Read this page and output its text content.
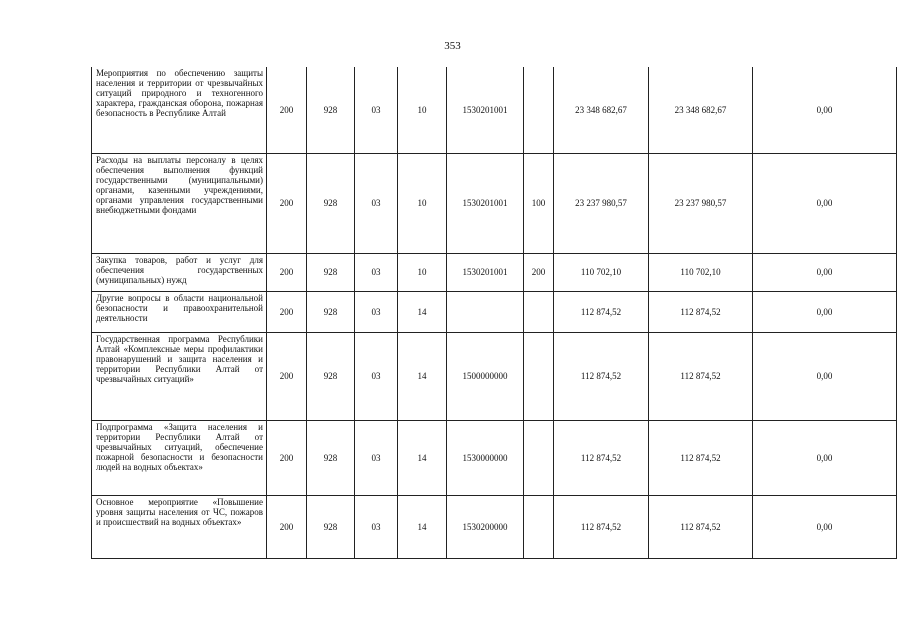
353
Мероприятия по обеспечению защиты населения и территории от чрезвычайных ситуаций природного и техногенного характера, гражданская оборона, пожарная безопасность в Республике Алтай	200	928	03	10	1530201001		23 348 682,67	23 348 682,67	0,00
Расходы на выплаты персоналу в целях обеспечения выполнения функций государственными (муниципальными) органами, казенными учреждениями, органами управления государственными внебюджетными фондами	200	928	03	10	1530201001	100	23 237 980,57	23 237 980,57	0,00
Закупка товаров, работ и услуг для обеспечения государственных (муниципальных) нужд	200	928	03	10	1530201001	200	110 702,10	110 702,10	0,00
Другие вопросы в области национальной безопасности и правоохранительной деятельности	200	928	03	14			112 874,52	112 874,52	0,00
Государственная программа Республики Алтай «Комплексные меры профилактики правонарушений и защита населения и территории Республики Алтай от чрезвычайных ситуаций»	200	928	03	14	1500000000		112 874,52	112 874,52	0,00
Подпрограмма «Защита населения и территории Республики Алтай от чрезвычайных ситуаций, обеспечение пожарной безопасности и безопасности людей на водных объектах»	200	928	03	14	1530000000		112 874,52	112 874,52	0,00
Основное мероприятие «Повышение уровня защиты населения от ЧС, пожаров и происшествий на водных объектах»	200	928	03	14	1530200000		112 874,52	112 874,52	0,00
